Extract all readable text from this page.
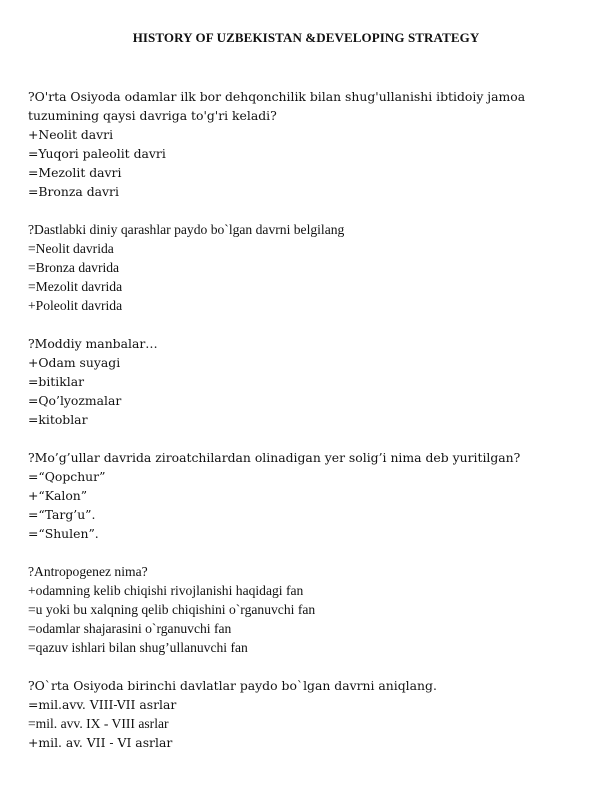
HISTORY OF UZBEKISTAN &DEVELOPING STRATEGY
?O'rta Osiyoda odamlar ilk bor dehqonchilik bilan shug'ullanishi ibtidoiy jamoa
tuzumining qaysi davriga to'g'ri keladi?
+Neolit davri
=Yuqori paleolit davri
=Mezolit davri
=Bronza davri
?Dastlabki diniy qarashlar paydo bo`lgan davrni belgilang
=Neolit davrida
=Bronza davrida
=Mezolit davrida
+Poleolit davrida
?Moddiy manbalar…
+Odam suyagi
=bitiklar
=Qo’lyozmalar
=kitoblar
?Mo’g’ullar davrida ziroatchilardan olinadigan yer solig’i nima deb yuritilgan?
=“Qopchur”
+“Kalon”
=“Targ’u”.
=“Shulen”.
?Antropogenez nima?
+odamning kelib chiqishi rivojlanishi haqidagi fan
=u yoki bu xalqning qelib chiqishini o`rganuvchi fan
=odamlar shajarasini o`rganuvchi fan
=qazuv ishlari bilan shug’ullanuvchi fan
?O`rta Osiyoda birinchi davlatlar paydo bo`lgan davrni aniqlang.
=mil.avv. VIII-VII asrlar
=mil. avv. IX - VIII asrlar
+mil. av. VII - VI asrlar
